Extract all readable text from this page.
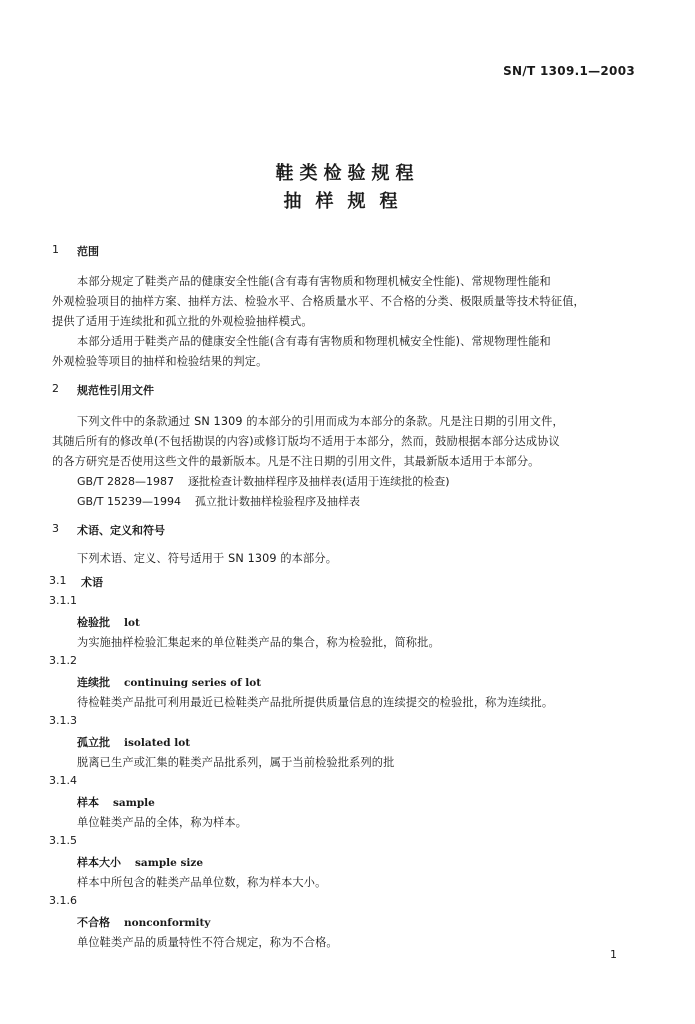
SN/T 1309.1—2003
鞋类检验规程
抽样规程
1 范围
本部分规定了鞋类产品的健康安全性能(含有毒有害物质和物理机械安全性能)、常规物理性能和
外观检验项目的抽样方案、抽样方法、检验水平、合格质量水平、不合格的分类、极限质量等技术特征值，
提供了适用于连续批和孤立批的外观检验抽样模式。
本部分适用于鞋类产品的健康安全性能(含有毒有害物质和物理机械安全性能)、常规物理性能和
外观检验等项目的抽样和检验结果的判定。
2 规范性引用文件
下列文件中的条款通过 SN 1309 的本部分的引用而成为本部分的条款。凡是注日期的引用文件，
其随后所有的修改单(不包括勘误的内容)或修订版均不适用于本部分，然而，鼓励根据本部分达成协议
的各方研究是否使用这些文件的最新版本。凡是不注日期的引用文件，其最新版本适用于本部分。
GB/T 2828—1987 逐批检查计数抽样程序及抽样表(适用于连续批的检查)
GB/T 15239—1994 孤立批计数抽样检验程序及抽样表
3 术语、定义和符号
下列术语、定义、符号适用于 SN 1309 的本部分。
3.1 术语
3.1.1
检验批 lot
为实施抽样检验汇集起来的单位鞋类产品的集合，称为检验批，简称批。
3.1.2
连续批 continuing series of lot
待检鞋类产品批可利用最近已检鞋类产品批所提供质量信息的连续提交的检验批，称为连续批。
3.1.3
孤立批 isolated lot
脱离已生产或汇集的鞋类产品批系列，属于当前检验批系列的批
3.1.4
样本 sample
单位鞋类产品的全体，称为样本。
3.1.5
样本大小 sample size
样本中所包含的鞋类产品单位数，称为样本大小。
3.1.6
不合格 nonconformity
单位鞋类产品的质量特性不符合规定，称为不合格。
1
